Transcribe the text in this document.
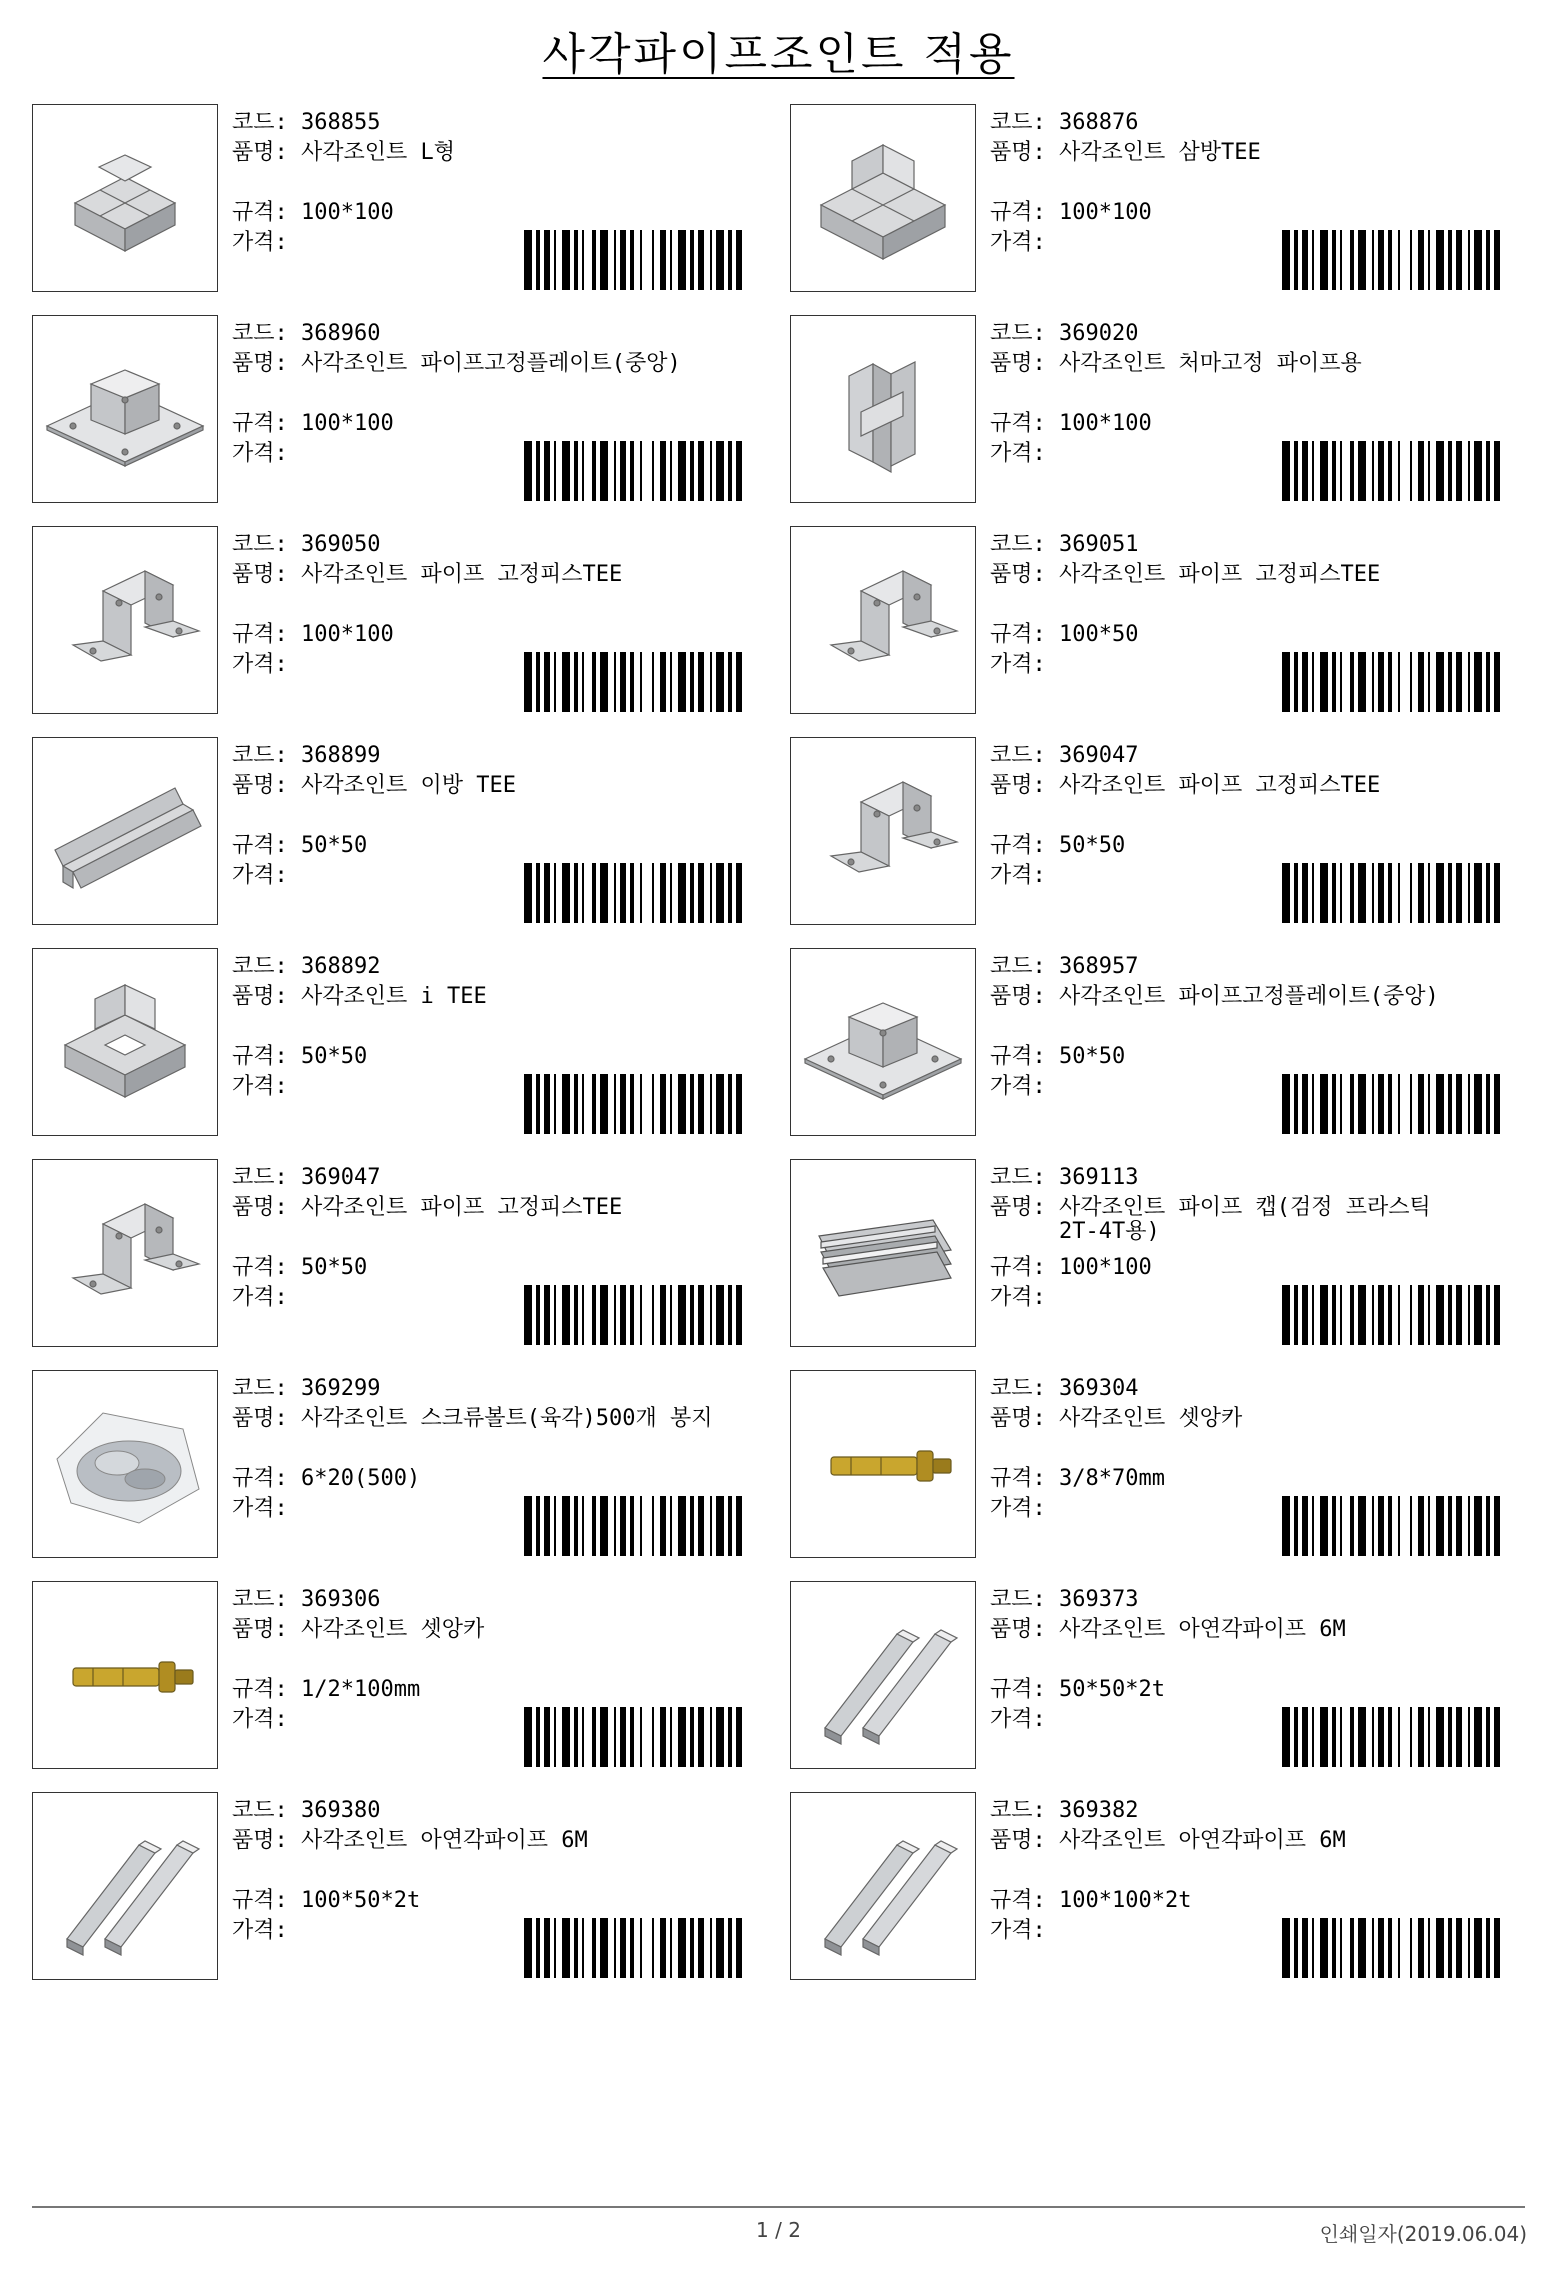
사각파이프조인트 적용
코드: 368855
품명: 사각조인트 L형
규격: 100*100
가격:
코드: 368876
품명: 사각조인트 삼방TEE
규격: 100*100
가격:
코드: 368960
품명: 사각조인트 파이프고정플레이트(중앙)
규격: 100*100
가격:
코드: 369020
품명: 사각조인트 처마고정 파이프용
규격: 100*100
가격:
코드: 369050
품명: 사각조인트 파이프 고정피스TEE
규격: 100*100
가격:
코드: 369051
품명: 사각조인트 파이프 고정피스TEE
규격: 100*50
가격:
코드: 368899
품명: 사각조인트 이방 TEE
규격: 50*50
가격:
코드: 369047
품명: 사각조인트 파이프 고정피스TEE
규격: 50*50
가격:
코드: 368892
품명: 사각조인트 i TEE
규격: 50*50
가격:
코드: 368957
품명: 사각조인트 파이프고정플레이트(중앙)
규격: 50*50
가격:
코드: 369047
품명: 사각조인트 파이프 고정피스TEE
규격: 50*50
가격:
코드: 369113
품명: 사각조인트 파이프 캡(검정 프라스틱 2T-4T용)
규격: 100*100
가격:
코드: 369299
품명: 사각조인트 스크류볼트(육각)500개 봉지
규격: 6*20(500)
가격:
코드: 369304
품명: 사각조인트 셋앙카
규격: 3/8*70mm
가격:
코드: 369306
품명: 사각조인트 셋앙카
규격: 1/2*100mm
가격:
코드: 369373
품명: 사각조인트 아연각파이프 6M
규격: 50*50*2t
가격:
코드: 369380
품명: 사각조인트 아연각파이프 6M
규격: 100*50*2t
가격:
코드: 369382
품명: 사각조인트 아연각파이프 6M
규격: 100*100*2t
가격:
1 / 2	인쇄일자(2019.06.04)
